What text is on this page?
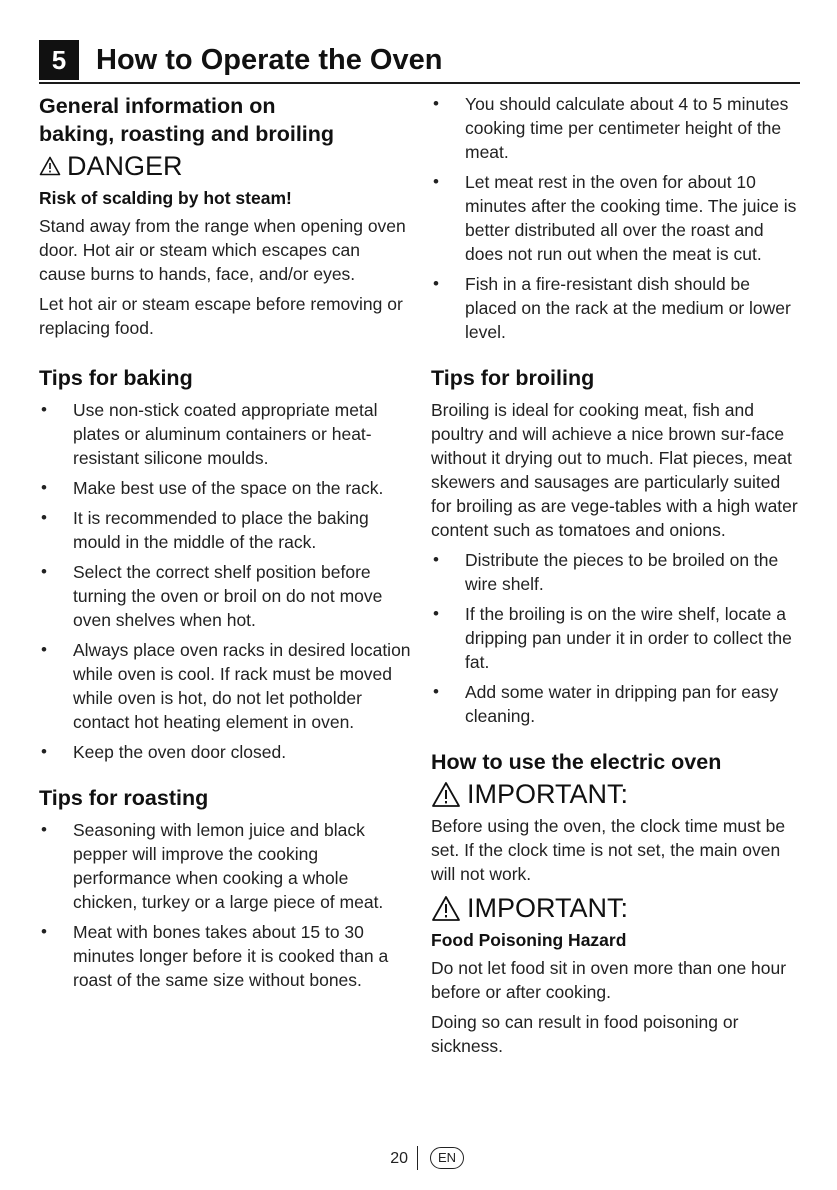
5	How to Operate the Oven
General information on
baking, roasting and broiling
DANGER
Risk of scalding by hot steam!
Stand away from the range when opening oven door. Hot air or steam which escapes can cause burns to hands, face, and/or eyes.
Let hot air or steam escape before removing or replacing food.
Tips for baking
• Use non-stick coated appropriate metal plates or aluminum containers or heat-resistant silicone moulds.
• Make best use of the space on the rack.
• It is recommended to place the baking mould in the middle of the rack.
• Select the correct shelf position before turning the oven or broil on do not move oven shelves when hot.
• Always place oven racks in desired location while oven is cool. If rack must be moved while oven is hot, do not let potholder contact hot heating element in oven.
• Keep the oven door closed.
Tips for roasting
• Seasoning with lemon juice and black pepper will improve the cooking performance when cooking a whole chicken, turkey or a large piece of meat.
• Meat with bones takes about 15 to 30 minutes longer before it is cooked than a roast of the same size without bones.
• You should calculate about 4 to 5 minutes cooking time per centimeter height of the meat.
• Let meat rest in the oven for about 10 minutes after the cooking time. The juice is better distributed all over the roast and does not run out when the meat is cut.
• Fish in a fire-resistant dish should be placed on the rack at the medium or lower level.
Tips for broiling
Broiling is ideal for cooking meat, fish and poultry and will achieve a nice brown sur-face without it drying out to much. Flat pieces, meat skewers and sausages are particularly suited for broiling as are vege-tables with a high water content such as tomatoes and onions.
• Distribute the pieces to be broiled on the wire shelf.
• If the broiling is on the wire shelf, locate a dripping pan under it in order to collect the fat.
• Add some water in dripping pan for easy cleaning.
How to use the electric oven
IMPORTANT:
Before using the oven, the clock time must be set. If the clock time is not set, the main oven will not work.
IMPORTANT:
Food Poisoning Hazard
Do not let food sit in oven more than one hour before or after cooking.
Doing so can result in food poisoning or sickness.
20	EN
